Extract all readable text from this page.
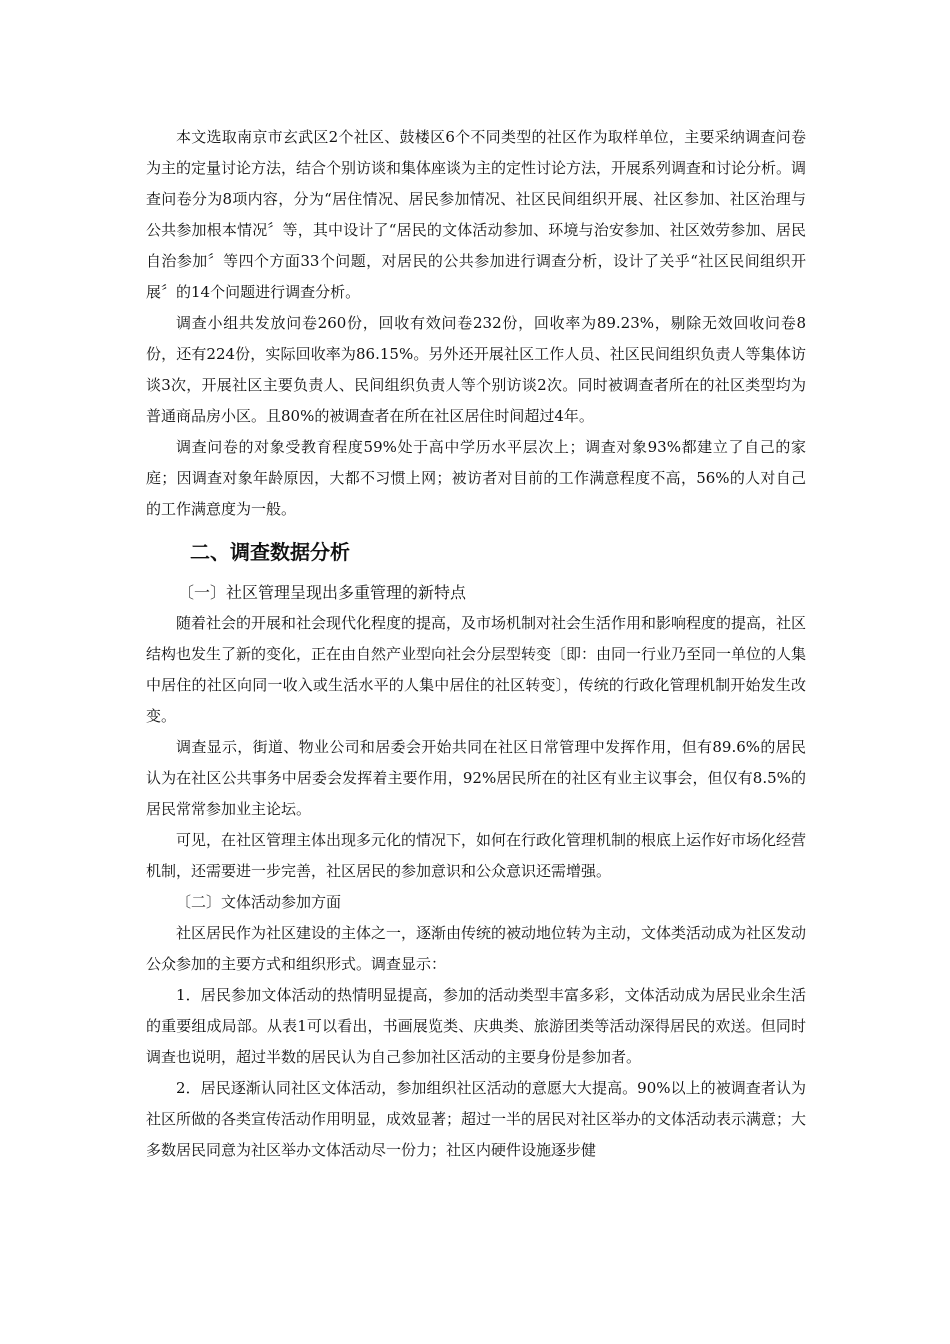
本文选取南京市玄武区2个社区、鼓楼区6个不同类型的社区作为取样单位，主要采纳调查问卷为主的定量讨论方法，结合个别访谈和集体座谈为主的定性讨论方法，开展系列调查和讨论分析。调查问卷分为8项内容，分为“居住情况、居民参加情况、社区民间组织开展、社区参加、社区治理与公共参加根本情况〞等，其中设计了“居民的文体活动参加、环境与治安参加、社区效劳参加、居民自治参加〞等四个方面33个问题，对居民的公共参加进行调查分析，设计了关乎“社区民间组织开展〞的14个问题进行调查分析。

调查小组共发放问卷260份，回收有效问卷232份，回收率为89.23%，剔除无效回收问卷8份，还有224份，实际回收率为86.15%。另外还开展社区工作人员、社区民间组织负责人等集体访谈3次，开展社区主要负责人、民间组织负责人等个别访谈2次。同时被调查者所在的社区类型均为普通商品房小区。且80%的被调查者在所在社区居住时间超过4年。

调查问卷的对象受教育程度59%处于高中学历水平层次上；调查对象93%都建立了自己的家庭；因调查对象年龄原因，大都不习惯上网；被访者对目前的工作满意程度不高，56%的人对自己的工作满意度为一般。

二、调查数据分析

〔一〕社区管理呈现出多重管理的新特点

随着社会的开展和社会现代化程度的提高，及市场机制对社会生活作用和影响程度的提高，社区结构也发生了新的变化，正在由自然产业型向社会分层型转变〔即：由同一行业乃至同一单位的人集中居住的社区向同一收入或生活水平的人集中居住的社区转变〕，传统的行政化管理机制开始发生改变。

调查显示，街道、物业公司和居委会开始共同在社区日常管理中发挥作用，但有89.6%的居民认为在社区公共事务中居委会发挥着主要作用，92%居民所在的社区有业主议事会，但仅有8.5%的居民常常参加业主论坛。

可见，在社区管理主体出现多元化的情况下，如何在行政化管理机制的根底上运作好市场化经营机制，还需要进一步完善，社区居民的参加意识和公众意识还需增强。

〔二〕文体活动参加方面

社区居民作为社区建设的主体之一，逐渐由传统的被动地位转为主动，文体类活动成为社区发动公众参加的主要方式和组织形式。调查显示：

1．居民参加文体活动的热情明显提高，参加的活动类型丰富多彩，文体活动成为居民业余生活的重要组成局部。从表1可以看出，书画展览类、庆典类、旅游团类等活动深得居民的欢送。但同时调查也说明，超过半数的居民认为自己参加社区活动的主要身份是参加者。

2．居民逐渐认同社区文体活动，参加组织社区活动的意愿大大提高。90%以上的被调查者认为社区所做的各类宣传活动作用明显，成效显著；超过一半的居民对社区举办的文体活动表示满意；大多数居民同意为社区举办文体活动尽一份力；社区内硬件设施逐步健
